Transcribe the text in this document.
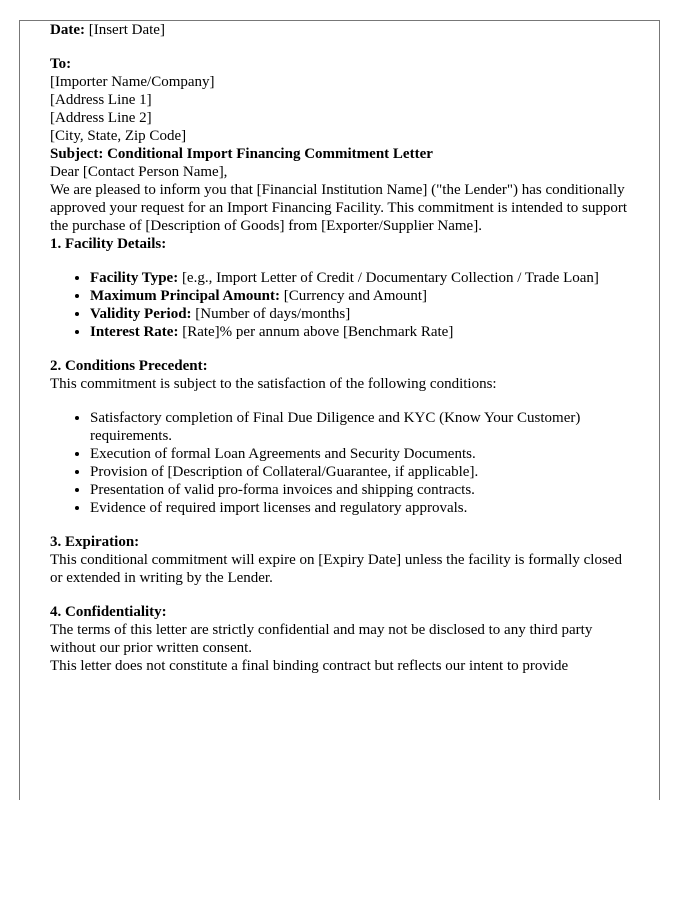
Date: [Insert Date]

To:
[Importer Name/Company]
[Address Line 1]
[Address Line 2]
[City, State, Zip Code]

Subject: Conditional Import Financing Commitment Letter

Dear [Contact Person Name],

We are pleased to inform you that [Financial Institution Name] ("the Lender") has conditionally approved your request for an Import Financing Facility. This commitment is intended to support the purchase of [Description of Goods] from [Exporter/Supplier Name].

1. Facility Details:

• Facility Type: [e.g., Import Letter of Credit / Documentary Collection / Trade Loan]
• Maximum Principal Amount: [Currency and Amount]
• Validity Period: [Number of days/months]
• Interest Rate: [Rate]% per annum above [Benchmark Rate]
2. Conditions Precedent:
This commitment is subject to the satisfaction of the following conditions:
• Satisfactory completion of Final Due Diligence and KYC (Know Your Customer) requirements.
• Execution of formal Loan Agreements and Security Documents.
• Provision of [Description of Collateral/Guarantee, if applicable].
• Presentation of valid pro-forma invoices and shipping contracts.
• Evidence of required import licenses and regulatory approvals.
3. Expiration:
This conditional commitment will expire on [Expiry Date] unless the facility is formally closed or extended in writing by the Lender.
4. Confidentiality:
The terms of this letter are strictly confidential and may not be disclosed to any third party without our prior written consent.

This letter does not constitute a final binding contract but reflects our intent to provide
